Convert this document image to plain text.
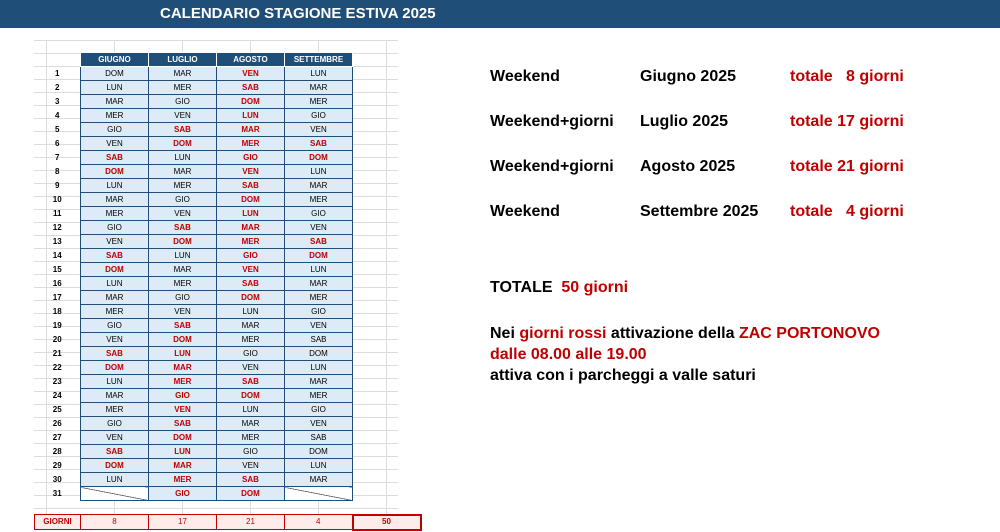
CALENDARIO STAGIONE ESTIVA 2025
	GIUGNO	LUGLIO	AGOSTO	SETTEMBRE	
1	DOM	MAR	VEN	LUN	
2	LUN	MER	SAB	MAR	
3	MAR	GIO	DOM	MER	
4	MER	VEN	LUN	GIO	
5	GIO	SAB	MAR	VEN	
6	VEN	DOM	MER	SAB	
7	SAB	LUN	GIO	DOM	
8	DOM	MAR	VEN	LUN	
9	LUN	MER	SAB	MAR	
10	MAR	GIO	DOM	MER	
11	MER	VEN	LUN	GIO	
12	GIO	SAB	MAR	VEN	
13	VEN	DOM	MER	SAB	
14	SAB	LUN	GIO	DOM	
15	DOM	MAR	VEN	LUN	
16	LUN	MER	SAB	MAR	
17	MAR	GIO	DOM	MER	
18	MER	VEN	LUN	GIO	
19	GIO	SAB	MAR	VEN	
20	VEN	DOM	MER	SAB	
21	SAB	LUN	GIO	DOM	
22	DOM	MAR	VEN	LUN	
23	LUN	MER	SAB	MAR	
24	MAR	GIO	DOM	MER	
25	MER	VEN	LUN	GIO	
26	GIO	SAB	MAR	VEN	
27	VEN	DOM	MER	SAB	
28	SAB	LUN	GIO	DOM	
29	DOM	MAR	VEN	LUN	
30	LUN	MER	SAB	MAR	
31		GIO	DOM		

GIORNI	8	17	21	4	50
Weekend	Giugno 2025	totale   8 giorni
Weekend+giorni Luglio 2025	totale 17 giorni
Weekend+giorni Agosto 2025	totale 21 giorni
Weekend	Settembre 2025 totale   4 giorni
TOTALE 50 giorni
Nei giorni rossi attivazione della ZAC PORTONOVO
dalle 08.00 alle 19.00
attiva con i parcheggi a valle saturi
